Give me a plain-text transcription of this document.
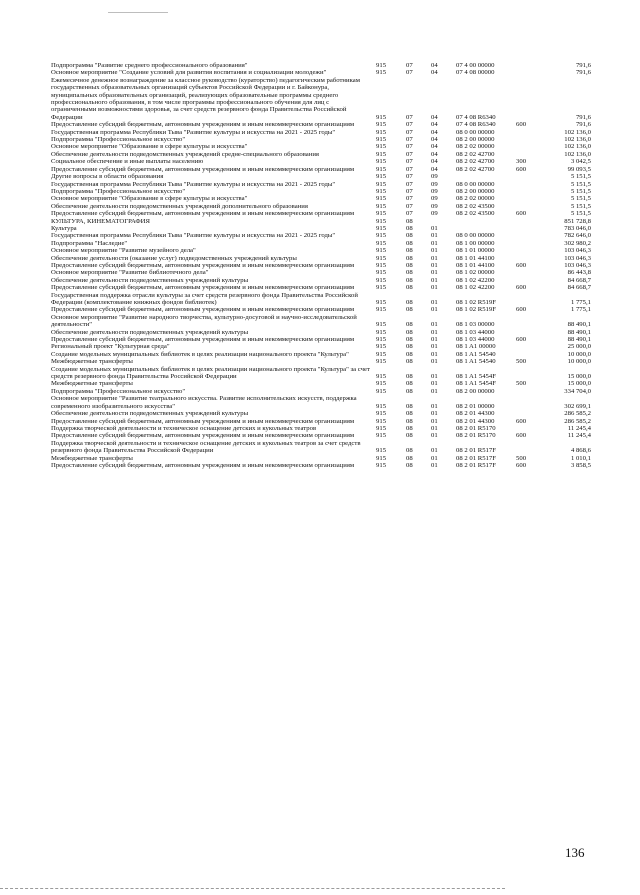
Подпрограмма "Развитие среднего профессионального образования"	915	07	04	07 4 00 00000		791,6
Основное мероприятие "Создание условий для развития воспитания и социализации молодежи"	915	07	04	07 4 08 00000		791,6
Ежемесячное денежное вознаграждение за классное руководство (кураторство) педагогическим работникам государственных образовательных организаций субъектов Российской Федерации и г. Байконура, муниципальных образовательных организаций, реализующих образовательные программы среднего профессионального образования, в том числе программы профессионального обучения для лиц с ограниченными возможностями здоровья, за счет средств резервного фонда Правительства Российской Федерации	915	07	04	07 4 08 R6340		791,6
Предоставление субсидий бюджетным, автономным учреждениям и иным некоммерческим организациям	915	07	04	07 4 08 R6340	600	791,6
Государственная программа Республики Тыва "Развитие культуры и искусства на 2021 - 2025 годы"	915	07	04	08 0 00 00000		102 136,0
Подпрограмма "Профессиональное искусство"	915	07	04	08 2 00 00000		102 136,0
Основное мероприятие "Образование в сфере культуры и искусства"	915	07	04	08 2 02 00000		102 136,0
Обеспечение деятельности подведомственных учреждений средне-специального образования	915	07	04	08 2 02 42700		102 136,0
Социальное обеспечение и иные выплаты населению	915	07	04	08 2 02 42700	300	3 042,5
Предоставление субсидий бюджетным, автономным учреждениям и иным некоммерческим организациям	915	07	04	08 2 02 42700	600	99 093,5
Другие вопросы в области образования	915	07	09			5 151,5
Государственная программа Республики Тыва "Развитие культуры и искусства на 2021 - 2025 годы"	915	07	09	08 0 00 00000		5 151,5
Подпрограмма "Профессиональное искусство"	915	07	09	08 2 00 00000		5 151,5
Основное мероприятие "Образование в сфере культуры и искусства"	915	07	09	08 2 02 00000		5 151,5
Обеспечение деятельности подведомственных учреждений дополнительного образования	915	07	09	08 2 02 43500		5 151,5
Предоставление субсидий бюджетным, автономным учреждениям и иным некоммерческим организациям	915	07	09	08 2 02 43500	600	5 151,5
КУЛЬТУРА, КИНЕМАТОГРАФИЯ	915	08				851 728,8
Культура	915	08	01			783 046,0
Государственная программа Республики Тыва "Развитие культуры и искусства на 2021 - 2025 годы"	915	08	01	08 0 00 00000		782 646,0
Подпрограмма "Наследие"	915	08	01	08 1 00 00000		302 980,2
Основное мероприятие "Развитие музейного дела"	915	08	01	08 1 01 00000		103 046,3
Обеспечение деятельности (оказание услуг) подведомственных учреждений культуры	915	08	01	08 1 01 44100		103 046,3
Предоставление субсидий бюджетным, автономным учреждениям и иным некоммерческим организациям	915	08	01	08 1 01 44100	600	103 046,3
Основное мероприятие "Развитие библиотечного дела"	915	08	01	08 1 02 00000		86 443,8
Обеспечение деятельности подведомственных учреждений культуры	915	08	01	08 1 02 42200		84 668,7
Предоставление субсидий бюджетным, автономным учреждениям и иным некоммерческим организациям	915	08	01	08 1 02 42200	600	84 668,7
Государственная поддержка отрасли культуры за счет средств резервного фонда Правительства Российской Федерации (комплектование книжных фондов библиотек)	915	08	01	08 1 02 R519F		1 775,1
Предоставление субсидий бюджетным, автономным учреждениям и иным некоммерческим организациям	915	08	01	08 1 02 R519F	600	1 775,1
Основное мероприятие "Развитие народного творчества, культурно-досуговой и научно-исследовательской деятельности"	915	08	01	08 1 03 00000		88 490,1
Обеспечение деятельности подведомственных учреждений культуры	915	08	01	08 1 03 44000		88 490,1
Предоставление субсидий бюджетным, автономным учреждениям и иным некоммерческим организациям	915	08	01	08 1 03 44000	600	88 490,1
Региональный проект "Культурная среда"	915	08	01	08 1 A1 00000		25 000,0
Создание модельных муниципальных библиотек в целях реализации национального проекта "Культура"	915	08	01	08 1 A1 54540		10 000,0
Межбюджетные трансферты	915	08	01	08 1 A1 54540	500	10 000,0
Создание модельных муниципальных библиотек в целях реализации национального проекта "Культура" за счет средств резервного фонда Правительства Российской Федерации	915	08	01	08 1 A1 5454F		15 000,0
Межбюджетные трансферты	915	08	01	08 1 A1 5454F	500	15 000,0
Подпрограмма "Профессиональное искусство"	915	08	01	08 2 00 00000		334 704,0
Основное мероприятие "Развитие театрального искусства. Развитие исполнительских искусств, поддержка современного изобразительного искусства"	915	08	01	08 2 01 00000		302 699,1
Обеспечение деятельности подведомственных учреждений культуры	915	08	01	08 2 01 44300		286 585,2
Предоставление субсидий бюджетным, автономным учреждениям и иным некоммерческим организациям	915	08	01	08 2 01 44300	600	286 585,2
Поддержка творческой деятельности и техническое оснащение детских и кукольных театров	915	08	01	08 2 01 R5170		11 245,4
Предоставление субсидий бюджетным, автономным учреждениям и иным некоммерческим организациям	915	08	01	08 2 01 R5170	600	11 245,4
Поддержка творческой деятельности и техническое оснащение детских и кукольных театров за счет средств резервного фонда Правительства Российской Федерации	915	08	01	08 2 01 R517F		4 868,6
Межбюджетные трансферты	915	08	01	08 2 01 R517F	500	1 010,1
Предоставление субсидий бюджетным, автономным учреждениям и иным некоммерческим организациям	915	08	01	08 2 01 R517F	600	3 858,5
136
